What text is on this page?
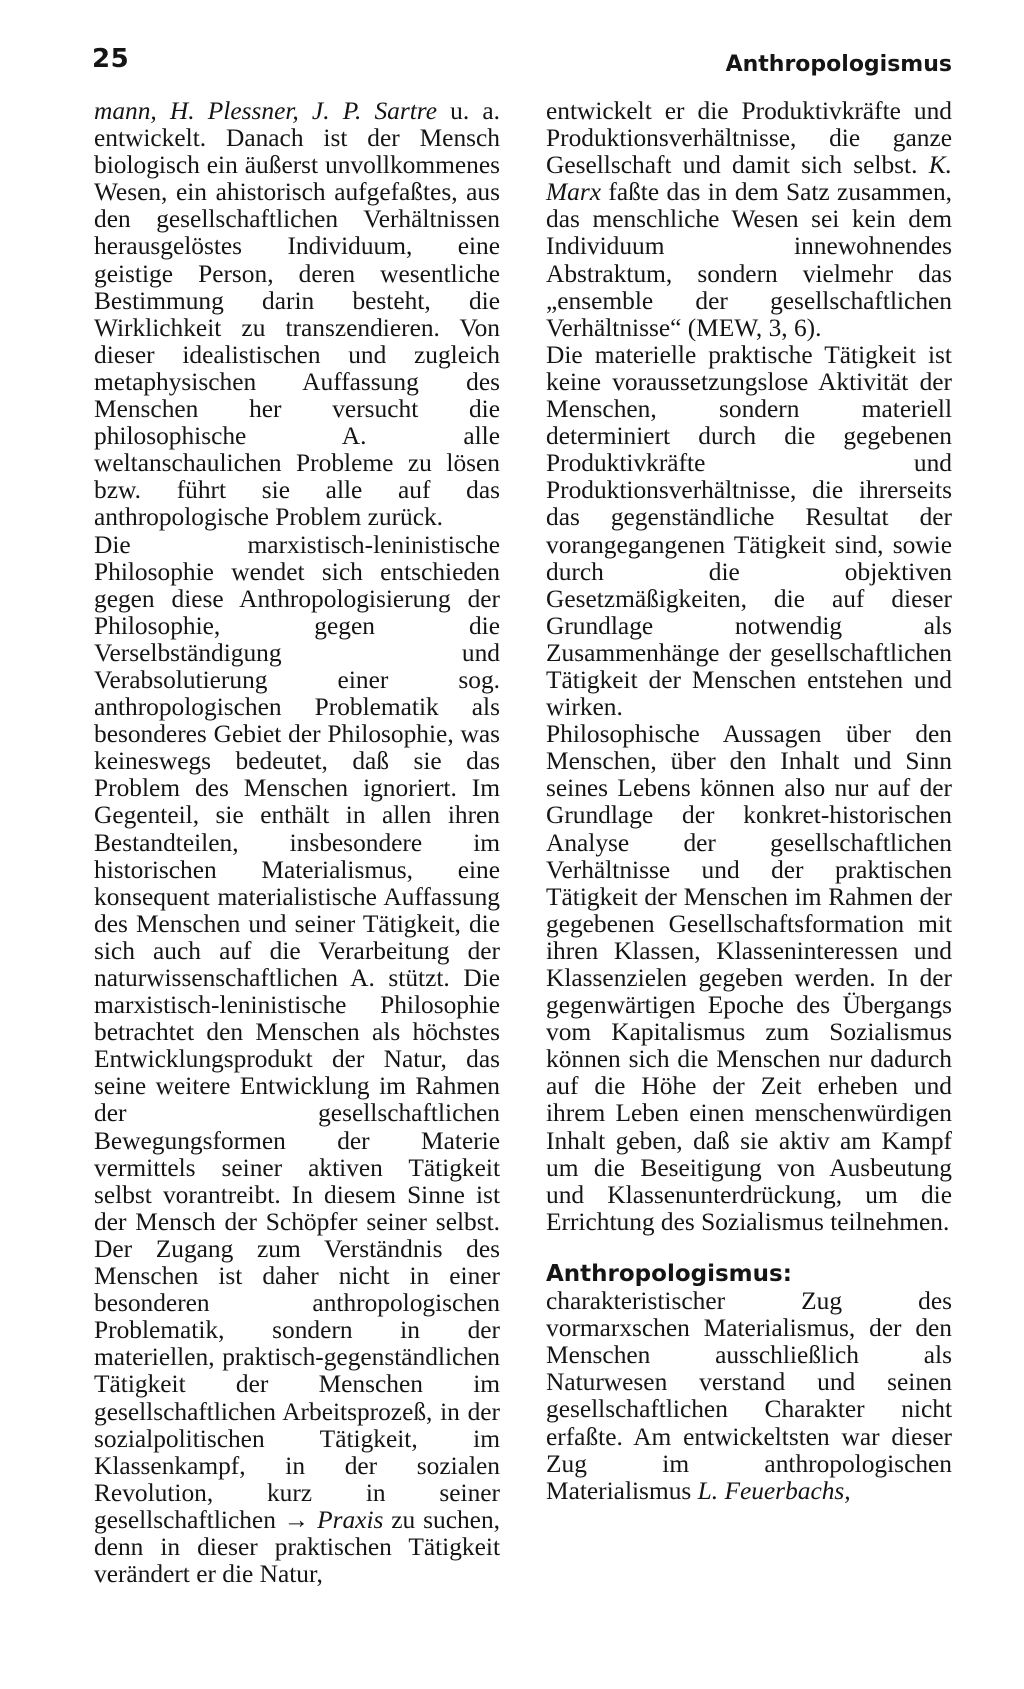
25	Anthropologismus

mann, H. Plessner, J. P. Sartre u. a. entwickelt. Danach ist der Mensch biologisch ein äußerst unvollkommenes Wesen, ein ahistorisch aufgefaßtes, aus den gesellschaftlichen Verhältnissen herausgelöstes Individuum, eine geistige Person, deren wesentliche Bestimmung darin besteht, die Wirklichkeit zu transzendieren. Von dieser idealistischen und zugleich metaphysischen Auffassung des Menschen her versucht die philosophische A. alle weltanschaulichen Probleme zu lösen bzw. führt sie alle auf das anthropologische Problem zurück.

Die marxistisch-leninistische Philosophie wendet sich entschieden gegen diese Anthropologisierung der Philosophie, gegen die Verselbständigung und Verabsolutierung einer sog. anthropologischen Problematik als besonderes Gebiet der Philosophie, was keineswegs bedeutet, daß sie das Problem des Menschen ignoriert. Im Gegenteil, sie enthält in allen ihren Bestandteilen, insbesondere im historischen Materialismus, eine konsequent materialistische Auffassung des Menschen und seiner Tätigkeit, die sich auch auf die Verarbeitung der naturwissenschaftlichen A. stützt. Die marxistisch-leninistische Philosophie betrachtet den Menschen als höchstes Entwicklungsprodukt der Natur, das seine weitere Entwicklung im Rahmen der gesellschaftlichen Bewegungsformen der Materie vermittels seiner aktiven Tätigkeit selbst vorantreibt. In diesem Sinne ist der Mensch der Schöpfer seiner selbst. Der Zugang zum Verständnis des Menschen ist daher nicht in einer besonderen anthropologischen Problematik, sondern in der materiellen, praktisch-gegenständlichen Tätigkeit der Menschen im gesellschaftlichen Arbeitsprozeß, in der sozialpolitischen Tätigkeit, im Klassenkampf, in der sozialen Revolution, kurz in seiner gesellschaftlichen → Praxis zu suchen, denn in dieser praktischen Tätigkeit verändert er die Natur,

entwickelt er die Produktivkräfte und Produktionsverhältnisse, die ganze Gesellschaft und damit sich selbst. K. Marx faßte das in dem Satz zusammen, das menschliche Wesen sei kein dem Individuum innewohnendes Abstraktum, sondern vielmehr das „ensemble der gesellschaftlichen Verhältnisse“ (MEW, 3, 6).

Die materielle praktische Tätigkeit ist keine voraussetzungslose Aktivität der Menschen, sondern materiell determiniert durch die gegebenen Produktivkräfte und Produktionsverhältnisse, die ihrerseits das gegenständliche Resultat der vorangegangenen Tätigkeit sind, sowie durch die objektiven Gesetzmäßigkeiten, die auf dieser Grundlage notwendig als Zusammenhänge der gesellschaftlichen Tätigkeit der Menschen entstehen und wirken.

Philosophische Aussagen über den Menschen, über den Inhalt und Sinn seines Lebens können also nur auf der Grundlage der konkret-historischen Analyse der gesellschaftlichen Verhältnisse und der praktischen Tätigkeit der Menschen im Rahmen der gegebenen Gesellschaftsformation mit ihren Klassen, Klasseninteressen und Klassenzielen gegeben werden. In der gegenwärtigen Epoche des Übergangs vom Kapitalismus zum Sozialismus können sich die Menschen nur dadurch auf die Höhe der Zeit erheben und ihrem Leben einen menschenwürdigen Inhalt geben, daß sie aktiv am Kampf um die Beseitigung von Ausbeutung und Klassenunterdrückung, um die Errichtung des Sozialismus teilnehmen.

Anthropologismus: charakteristischer Zug des vormarxschen Materialismus, der den Menschen ausschließlich als Naturwesen verstand und seinen gesellschaftlichen Charakter nicht erfaßte. Am entwickeltsten war dieser Zug im anthropologischen Materialismus L. Feuerbachs,
